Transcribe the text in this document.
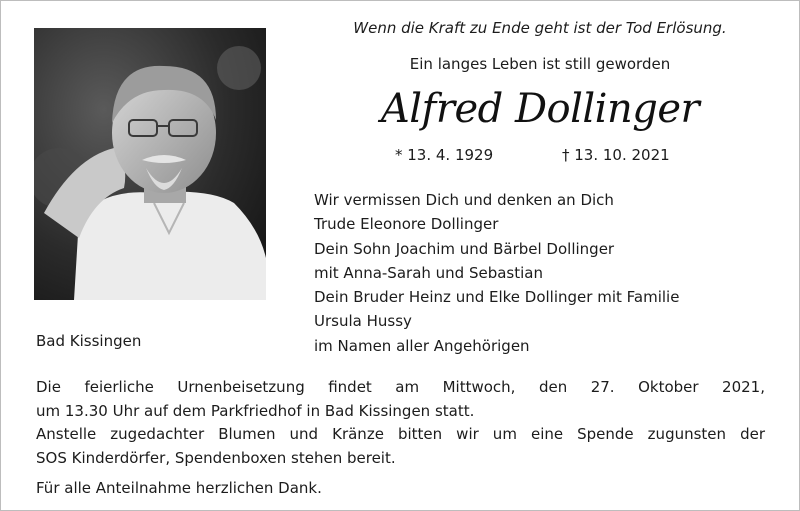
Wenn die Kraft zu Ende geht ist der Tod Erlösung.
Ein langes Leben ist still geworden
Alfred Dollinger
* 13. 4. 1929	† 13. 10. 2021
Wir vermissen Dich und denken an Dich
Trude Eleonore Dollinger
Dein Sohn Joachim und Bärbel Dollinger
mit Anna-Sarah und Sebastian
Dein Bruder Heinz und Elke Dollinger mit Familie
Ursula Hussy
im Namen aller Angehörigen
Bad Kissingen
Die feierliche Urnenbeisetzung findet am Mittwoch, den 27. Oktober 2021,
um 13.30 Uhr auf dem Parkfriedhof in Bad Kissingen statt.
Anstelle zugedachter Blumen und Kränze bitten wir um eine Spende zugunsten der
SOS Kinderdörfer, Spendenboxen stehen bereit.
Für alle Anteilnahme herzlichen Dank.
